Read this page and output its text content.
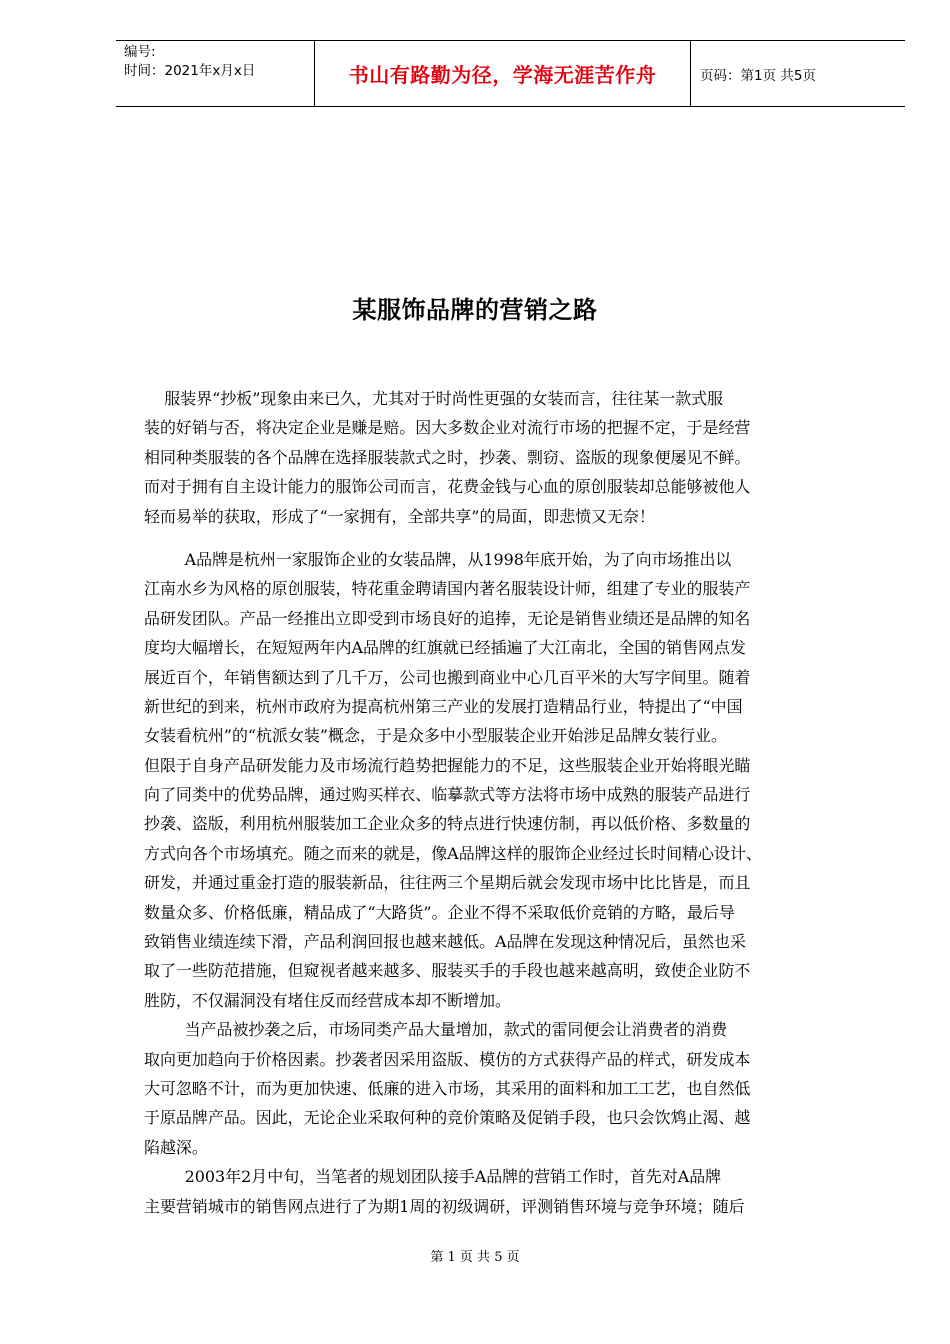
编号:
时间：2021年x月x日	书山有路勤为径，学海无涯苦作舟	页码：第1页 共5页
某服饰品牌的营销之路
服装界“抄板”现象由来已久，尤其对于时尚性更强的女装而言，往往某一款式服
装的好销与否，将决定企业是赚是赔。因大多数企业对流行市场的把握不定，于是经营
相同种类服装的各个品牌在选择服装款式之时，抄袭、剽窃、盗版的现象便屡见不鲜。
而对于拥有自主设计能力的服饰公司而言，花费金钱与心血的原创服装却总能够被他人
轻而易举的获取，形成了“一家拥有，全部共享”的局面，即悲愤又无奈！
A品牌是杭州一家服饰企业的女装品牌，从1998年底开始，为了向市场推出以
江南水乡为风格的原创服装，特花重金聘请国内著名服装设计师，组建了专业的服装产
品研发团队。产品一经推出立即受到市场良好的追捧，无论是销售业绩还是品牌的知名
度均大幅增长，在短短两年内A品牌的红旗就已经插遍了大江南北，全国的销售网点发
展近百个，年销售额达到了几千万，公司也搬到商业中心几百平米的大写字间里。随着
新世纪的到来，杭州市政府为提高杭州第三产业的发展打造精品行业，特提出了“中国
女装看杭州”的“杭派女装”概念，于是众多中小型服装企业开始涉足品牌女装行业。
但限于自身产品研发能力及市场流行趋势把握能力的不足，这些服装企业开始将眼光瞄
向了同类中的优势品牌，通过购买样衣、临摹款式等方法将市场中成熟的服装产品进行
抄袭、盗版，利用杭州服装加工企业众多的特点进行快速仿制，再以低价格、多数量的
方式向各个市场填充。随之而来的就是，像A品牌这样的服饰企业经过长时间精心设计、
研发，并通过重金打造的服装新品，往往两三个星期后就会发现市场中比比皆是，而且
数量众多、价格低廉，精品成了“大路货”。企业不得不采取低价竞销的方略，最后导
致销售业绩连续下滑，产品利润回报也越来越低。A品牌在发现这种情况后，虽然也采
取了一些防范措施，但窥视者越来越多、服装买手的手段也越来越高明，致使企业防不
胜防，不仅漏洞没有堵住反而经营成本却不断增加。
当产品被抄袭之后，市场同类产品大量增加，款式的雷同便会让消费者的消费
取向更加趋向于价格因素。抄袭者因采用盗版、模仿的方式获得产品的样式，研发成本
大可忽略不计，而为更加快速、低廉的进入市场，其采用的面料和加工工艺，也自然低
于原品牌产品。因此，无论企业采取何种的竞价策略及促销手段，也只会饮鸩止渴、越
陷越深。
2003年2月中旬，当笔者的规划团队接手A品牌的营销工作时，首先对A品牌
主要营销城市的销售网点进行了为期1周的初级调研，评测销售环境与竞争环境；随后
第 1 页 共 5 页
